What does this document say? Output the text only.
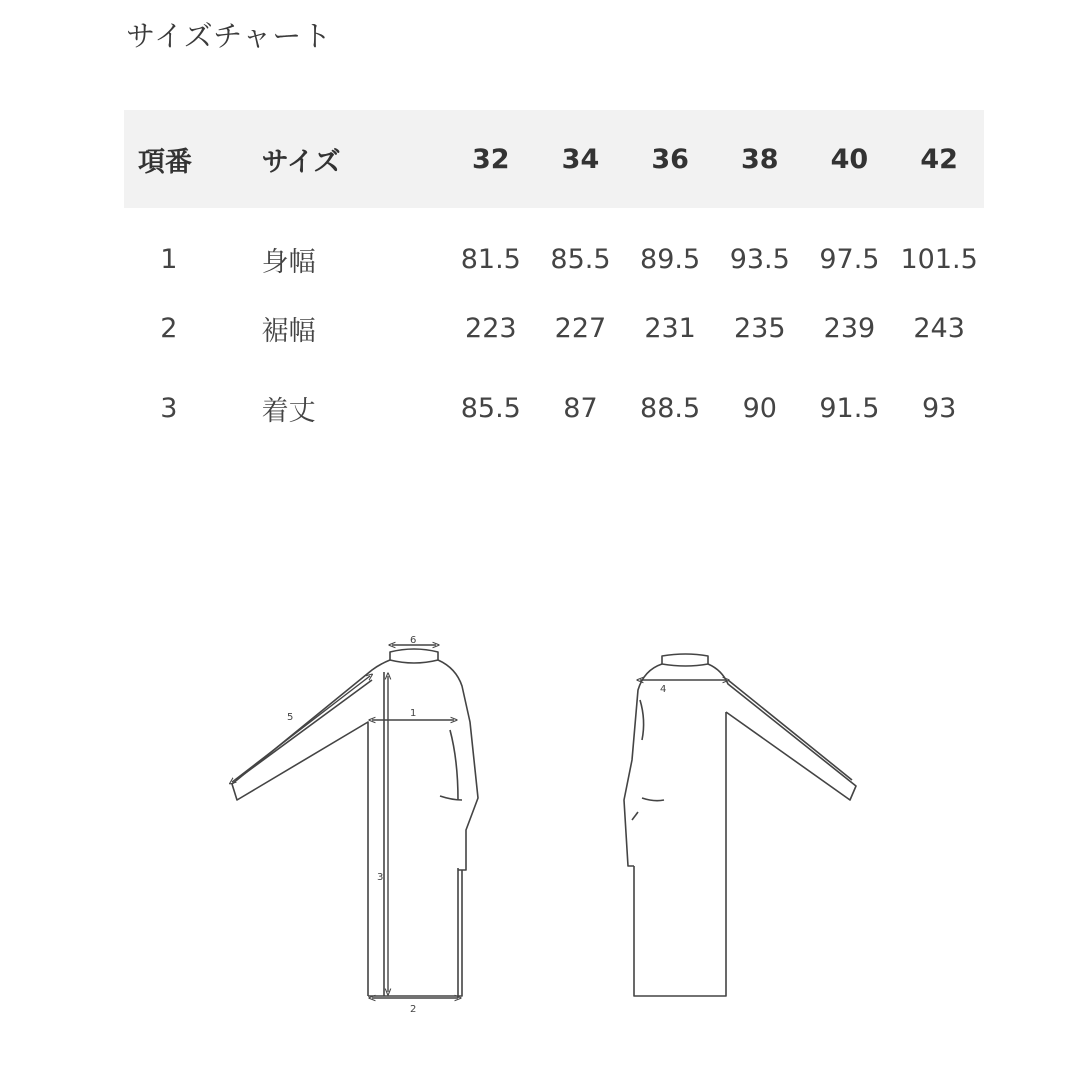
サイズチャート
項番	サイズ	32	34	36	38	40	42
1	身幅	81.5	85.5	89.5	93.5	97.5	101.5
2	裾幅	223	227	231	235	239	243
3	着丈	85.5	87	88.5	90	91.5	93
6
1
3
2
5
4
